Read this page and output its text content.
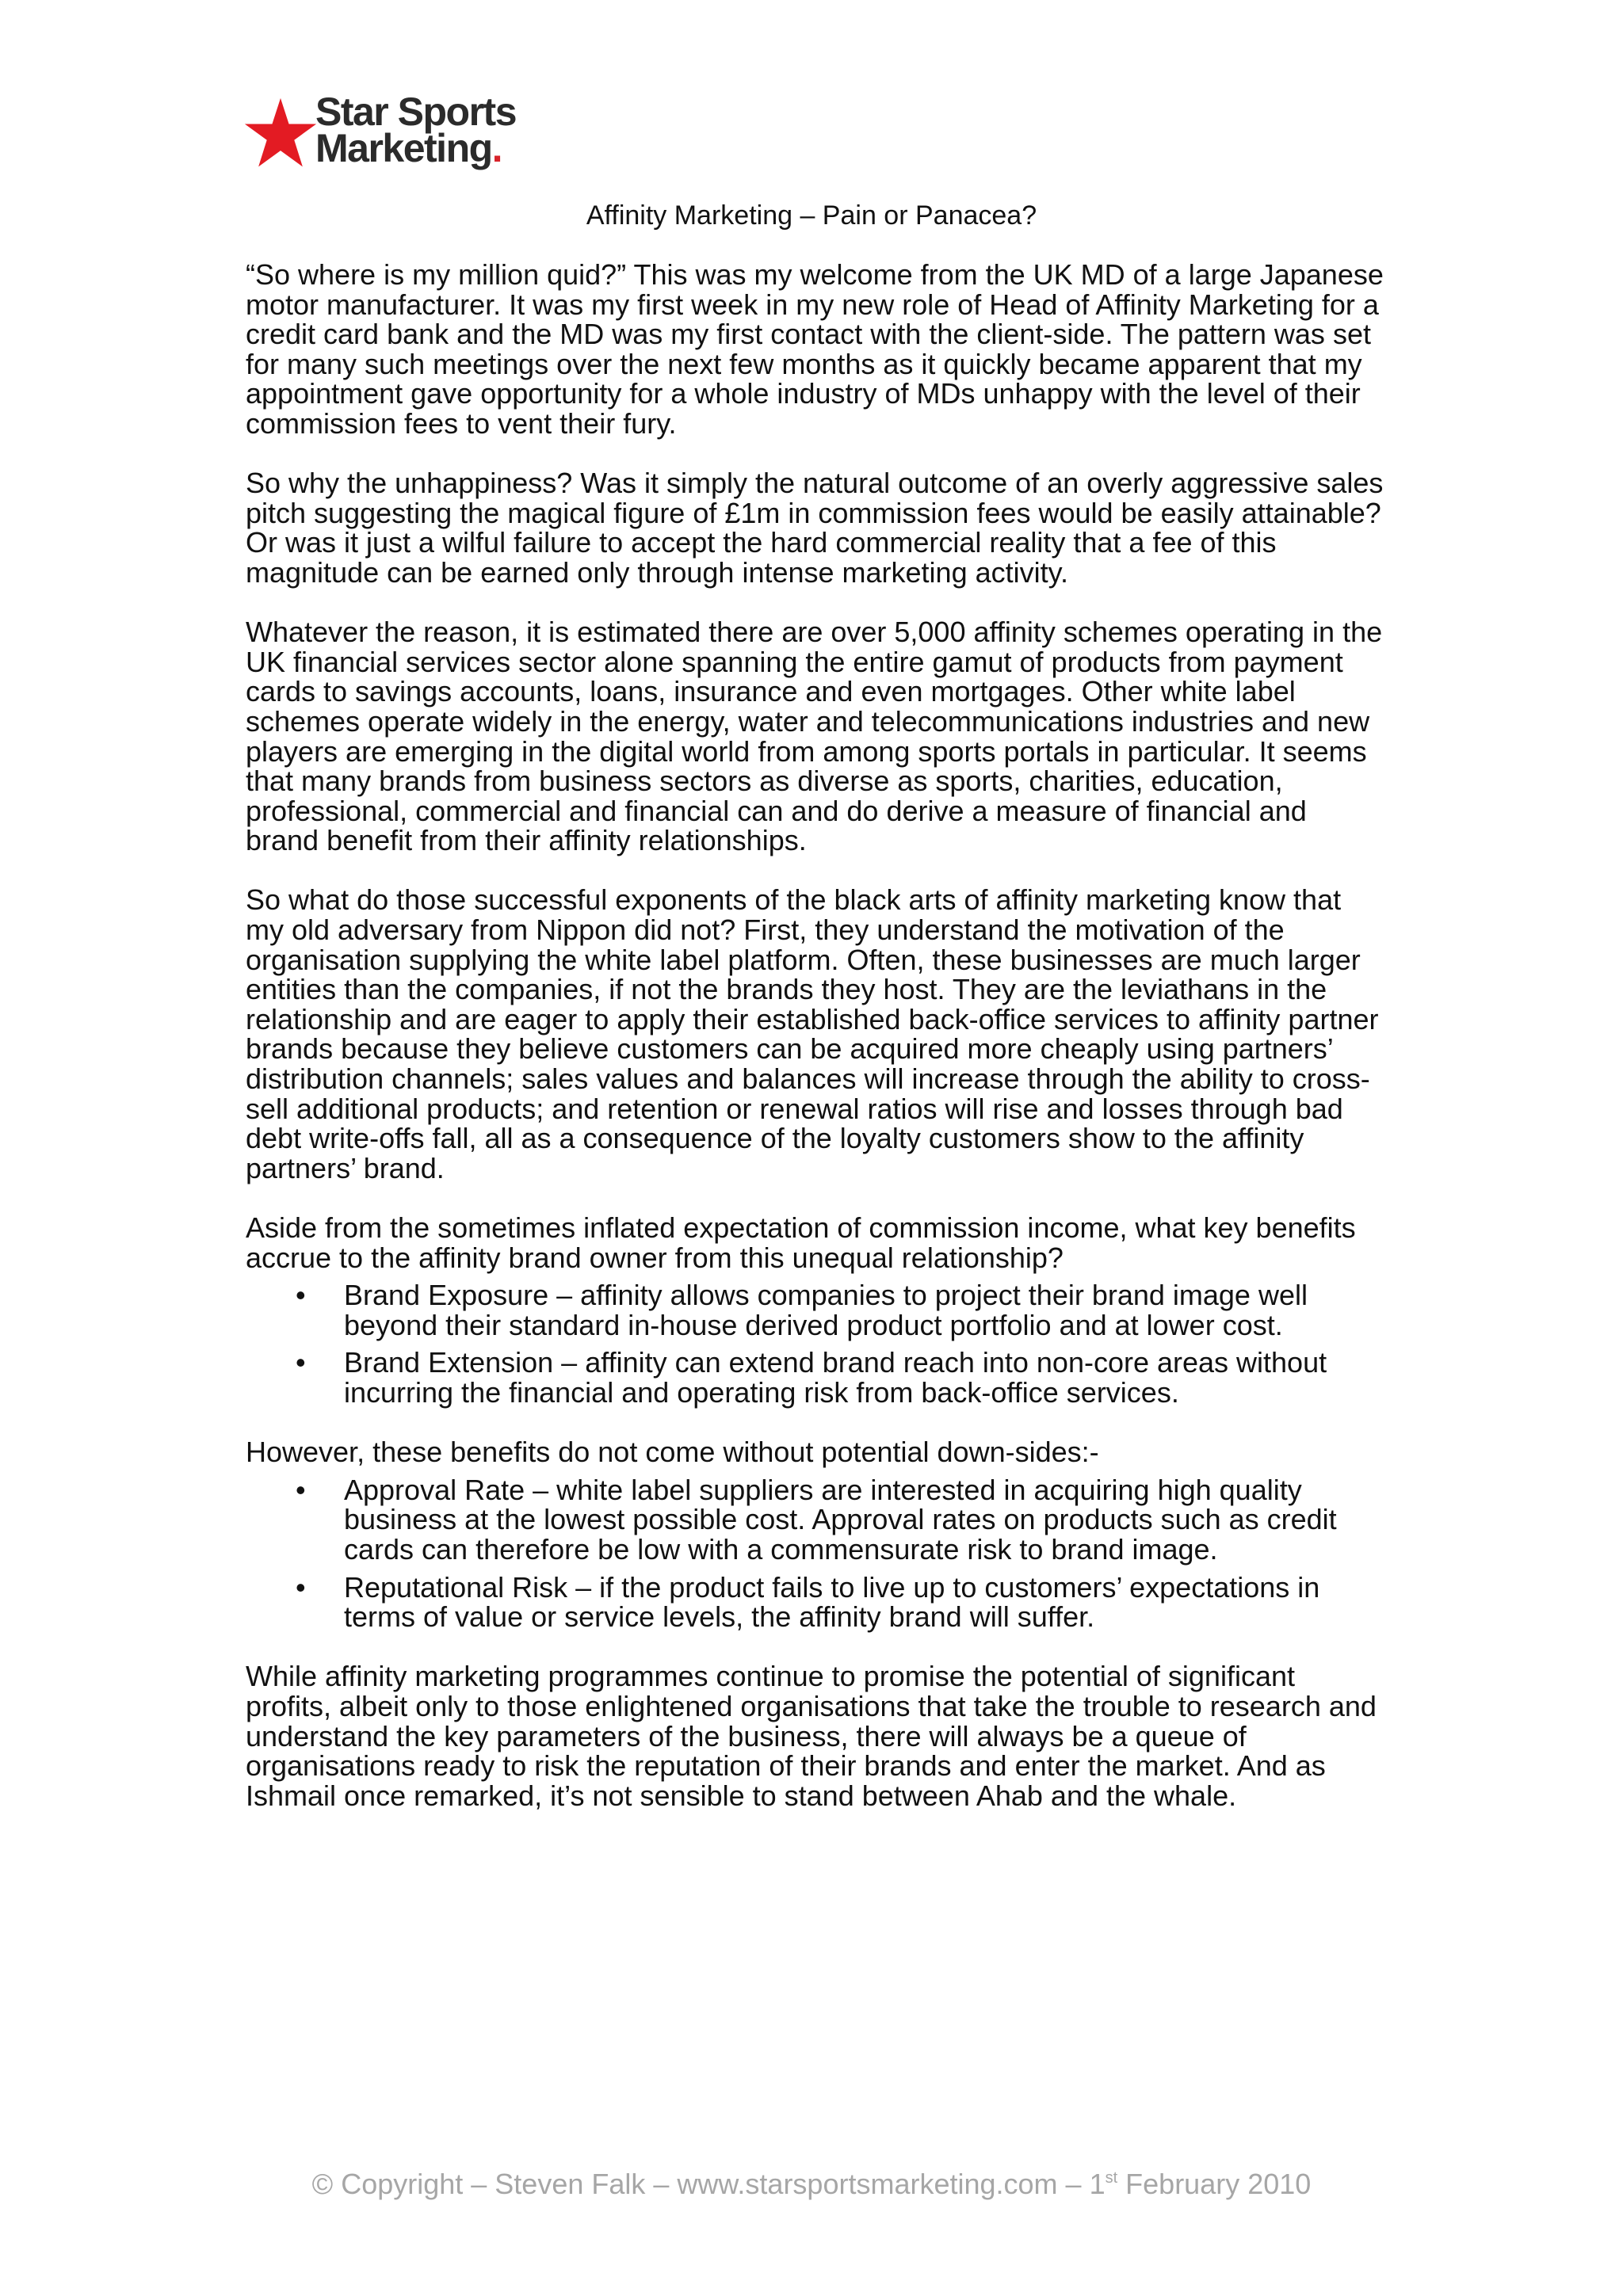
Star Sports
Marketing.
Affinity Marketing – Pain or Panacea?

“So where is my million quid?” This was my welcome from the UK MD of a large Japanese motor manufacturer. It was my first week in my new role of Head of Affinity Marketing for a credit card bank and the MD was my first contact with the client-side. The pattern was set for many such meetings over the next few months as it quickly became apparent that my appointment gave opportunity for a whole industry of MDs unhappy with the level of their commission fees to vent their fury.

So why the unhappiness? Was it simply the natural outcome of an overly aggressive sales pitch suggesting the magical figure of £1m in commission fees would be easily attainable? Or was it just a wilful failure to accept the hard commercial reality that a fee of this magnitude can be earned only through intense marketing activity.

Whatever the reason, it is estimated there are over 5,000 affinity schemes operating in the UK financial services sector alone spanning the entire gamut of products from payment cards to savings accounts, loans, insurance and even mortgages. Other white label schemes operate widely in the energy, water and telecommunications industries and new players are emerging in the digital world from among sports portals in particular. It seems that many brands from business sectors as diverse as sports, charities, education, professional, commercial and financial can and do derive a measure of financial and brand benefit from their affinity relationships.

So what do those successful exponents of the black arts of affinity marketing know that my old adversary from Nippon did not? First, they understand the motivation of the organisation supplying the white label platform. Often, these businesses are much larger entities than the companies, if not the brands they host. They are the leviathans in the relationship and are eager to apply their established back-office services to affinity partner brands because they believe customers can be acquired more cheaply using partners’ distribution channels; sales values and balances will increase through the ability to cross-sell additional products; and retention or renewal ratios will rise and losses through bad debt write-offs fall, all as a consequence of the loyalty customers show to the affinity partners’ brand.

Aside from the sometimes inflated expectation of commission income, what key benefits accrue to the affinity brand owner from this unequal relationship?

• Brand Exposure – affinity allows companies to project their brand image well beyond their standard in-house derived product portfolio and at lower cost.
• Brand Extension – affinity can extend brand reach into non-core areas without incurring the financial and operating risk from back-office services.

However, these benefits do not come without potential down-sides:-

• Approval Rate – white label suppliers are interested in acquiring high quality business at the lowest possible cost. Approval rates on products such as credit cards can therefore be low with a commensurate risk to brand image.
• Reputational Risk – if the product fails to live up to customers’ expectations in terms of value or service levels, the affinity brand will suffer.

While affinity marketing programmes continue to promise the potential of significant profits, albeit only to those enlightened organisations that take the trouble to research and understand the key parameters of the business, there will always be a queue of organisations ready to risk the reputation of their brands and enter the market. And as Ishmail once remarked, it’s not sensible to stand between Ahab and the whale.

© Copyright – Steven Falk – www.starsportsmarketing.com – 1st February 2010
